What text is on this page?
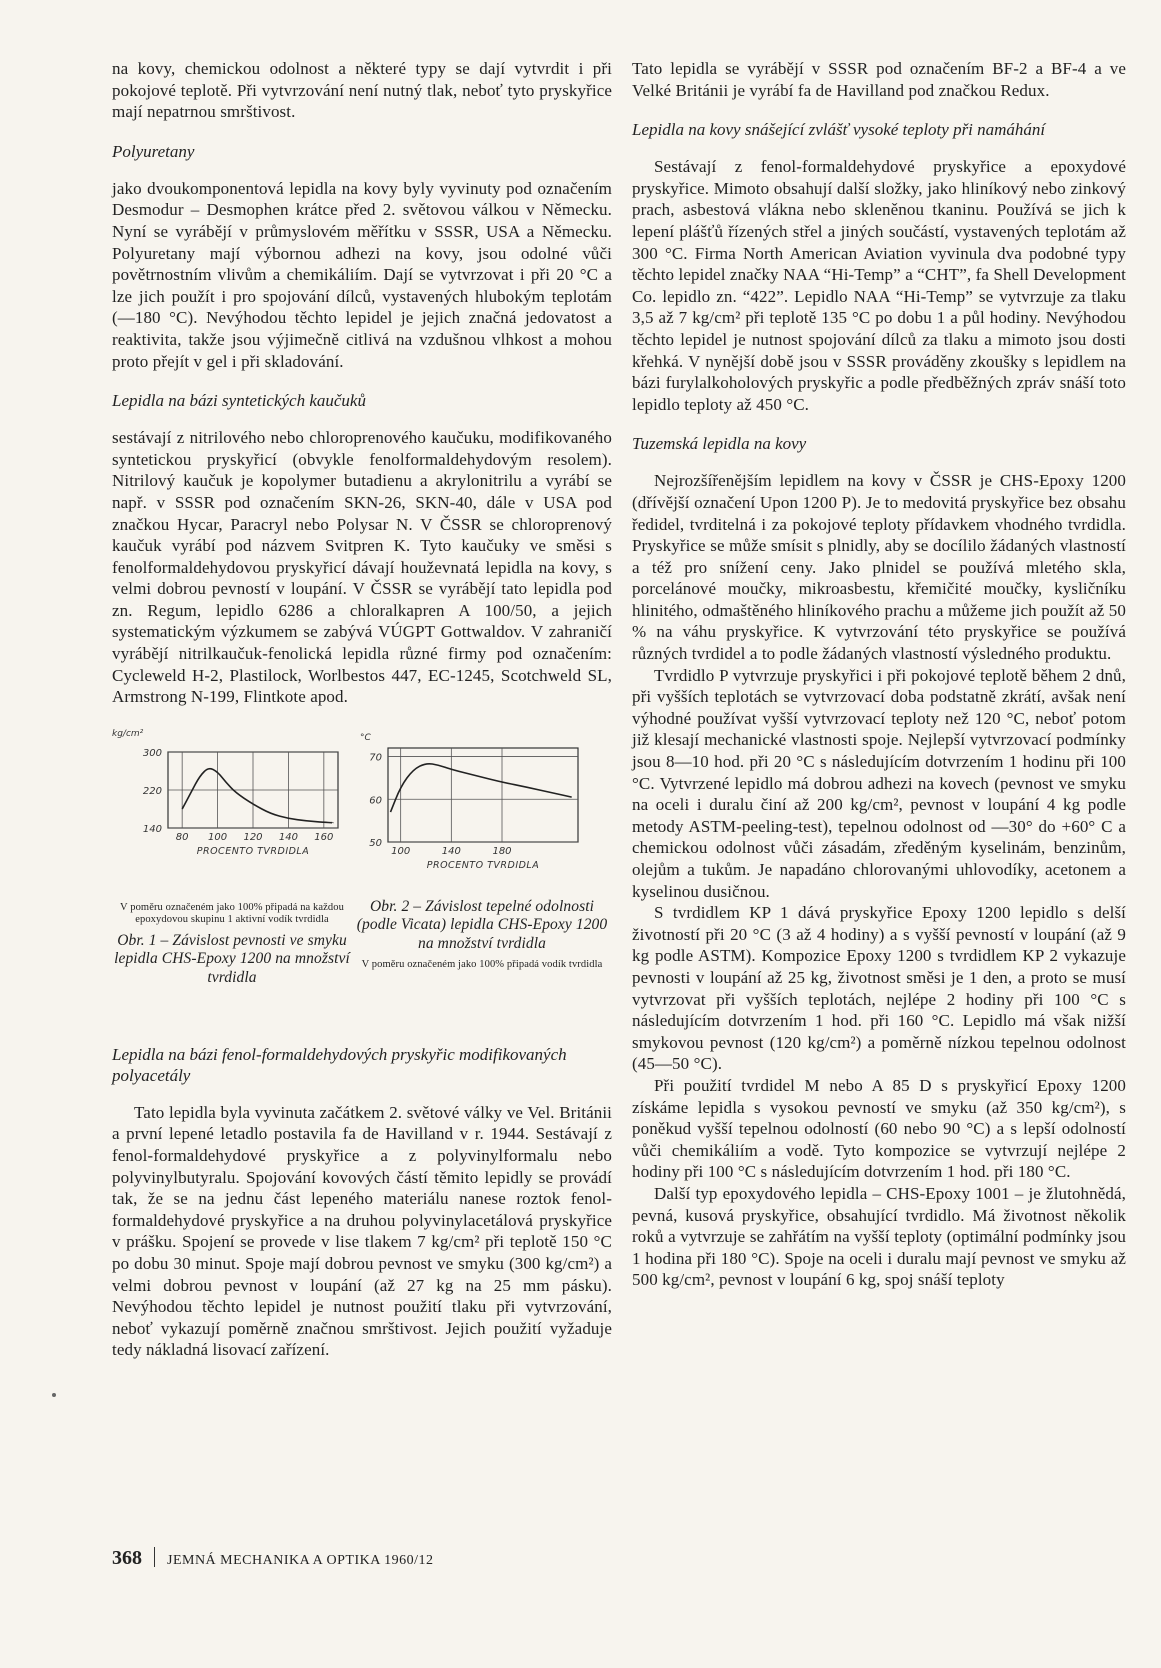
na kovy, chemickou odolnost a některé typy se dají vytvrdit i při pokojové teplotě. Při vytvrzování není nutný tlak, neboť tyto pryskyřice mají nepatrnou smrštivost.

Polyuretany

jako dvoukomponentová lepidla na kovy byly vyvinuty pod označením Desmodur – Desmophen krátce před 2. světovou válkou v Německu. Nyní se vyrábějí v průmyslovém měřítku v SSSR, USA a Německu. Polyuretany mají výbornou adhezi na kovy, jsou odolné vůči povětrnostním vlivům a chemikáliím. Dají se vytvrzovat i při 20 °C a lze jich použít i pro spojování dílců, vystavených hlubokým teplotám (—180 °C). Nevýhodou těchto lepidel je jejich značná jedovatost a reaktivita, takže jsou výjimečně citlivá na vzdušnou vlhkost a mohou proto přejít v gel i při skladování.

Lepidla na bázi syntetických kaučuků

sestávají z nitrilového nebo chloroprenového kaučuku, modifikovaného syntetickou pryskyřicí (obvykle fenolformaldehydovým resolem). Nitrilový kaučuk je kopolymer butadienu a akrylonitrilu a vyrábí se např. v SSSR pod označením SKN-26, SKN-40, dále v USA pod značkou Hycar, Paracryl nebo Polysar N. V ČSSR se chloroprenový kaučuk vyrábí pod názvem Svitpren K. Tyto kaučuky ve směsi s fenolformaldehydovou pryskyřicí dávají houževnatá lepidla na kovy, s velmi dobrou pevností v loupání. V ČSSR se vyrábějí tato lepidla pod zn. Regum, lepidlo 6286 a chloralkapren A 100/50, a jejich systematickým výzkumem se zabývá VÚGPT Gottwaldov. V zahraničí vyrábějí nitrilkaučuk-fenolická lepidla různé firmy pod označením: Cycleweld H-2, Plastilock, Worlbestos 447, EC-1245, Scotchweld SL, Armstrong N-199, Flintkote apod.

80 100 120 140 160
140
220
300
kg/cm²
PROCENTO TVRDIDLA

V poměru označeném jako 100% připadá na každou epoxydovou skupinu 1 aktivní vodík tvrdidla

Obr. 1 – Závislost pevnosti ve smyku lepidla CHS-Epoxy 1200 na množství tvrdidla

100	140	180
50
60
70
°C
PROCENTO TVRDIDLA

Obr. 2 – Závislost tepelné odolnosti (podle Vicata) lepidla CHS-Epoxy 1200 na množství tvrdidla

V poměru označeném jako 100% připadá vodík tvrdidla

Lepidla na bázi fenol-formaldehydových pryskyřic modifikovaných polyacetály

Tato lepidla byla vyvinuta začátkem 2. světové války ve Vel. Británii a první lepené letadlo postavila fa de Havilland v r. 1944. Sestávají z fenol-formaldehydové pryskyřice a z polyvinylformalu nebo polyvinylbutyralu. Spojování kovových částí těmito lepidly se provádí tak, že se na jednu část lepeného materiálu nanese roztok fenol-formaldehydové pryskyřice a na druhou polyvinylacetálová pryskyřice v prášku. Spojení se provede v lise tlakem 7 kg/cm² při teplotě 150 °C po dobu 30 minut. Spoje mají dobrou pevnost ve smyku (300 kg/cm²) a velmi dobrou pevnost v loupání (až 27 kg na 25 mm pásku). Nevýhodou těchto lepidel je nutnost použití tlaku při vytvrzování, neboť vykazují poměrně značnou smrštivost. Jejich použití vyžaduje tedy nákladná lisovací zařízení.

Tato lepidla se vyrábějí v SSSR pod označením BF-2 a BF-4 a ve Velké Británii je vyrábí fa de Havilland pod značkou Redux.

Lepidla na kovy snášející zvlášť vysoké teploty při namáhání

Sestávají z fenol-formaldehydové pryskyřice a epoxydové pryskyřice. Mimoto obsahují další složky, jako hliníkový nebo zinkový prach, asbestová vlákna nebo skleněnou tkaninu. Používá se jich k lepení plášťů řízených střel a jiných součástí, vystavených teplotám až 300 °C. Firma North American Aviation vyvinula dva podobné typy těchto lepidel značky NAA “Hi-Temp” a “CHT”, fa Shell Development Co. lepidlo zn. “422”. Lepidlo NAA “Hi-Temp” se vytvrzuje za tlaku 3,5 až 7 kg/cm² při teplotě 135 °C po dobu 1 a půl hodiny. Nevýhodou těchto lepidel je nutnost spojování dílců za tlaku a mimoto jsou dosti křehká. V nynější době jsou v SSSR prováděny zkoušky s lepidlem na bázi furylalkoholových pryskyřic a podle předběžných zpráv snáší toto lepidlo teploty až 450 °C.

Tuzemská lepidla na kovy

Nejrozšířenějším lepidlem na kovy v ČSSR je CHS-Epoxy 1200 (dřívější označení Upon 1200 P). Je to medovitá pryskyřice bez obsahu ředidel, tvrditelná i za pokojové teploty přídavkem vhodného tvrdidla. Pryskyřice se může smísit s plnidly, aby se docílilo žádaných vlastností a též pro snížení ceny. Jako plnidel se používá mletého skla, porcelánové moučky, mikroasbestu, křemičité moučky, kysličníku hlinitého, odmaštěného hliníkového prachu a můžeme jich použít až 50 % na váhu pryskyřice. K vytvrzování této pryskyřice se používá různých tvrdidel a to podle žádaných vlastností výsledného produktu.

Tvrdidlo P vytvrzuje pryskyřici i při pokojové teplotě během 2 dnů, při vyšších teplotách se vytvrzovací doba podstatně zkrátí, avšak není výhodné používat vyšší vytvrzovací teploty než 120 °C, neboť potom již klesají mechanické vlastnosti spoje. Nejlepší vytvrzovací podmínky jsou 8—10 hod. při 20 °C s následujícím dotvrzením 1 hodinu při 100 °C. Vytvrzené lepidlo má dobrou adhezi na kovech (pevnost ve smyku na oceli i duralu činí až 200 kg/cm², pevnost v loupání 4 kg podle metody ASTM-peeling-test), tepelnou odolnost od —30° do +60° C a chemickou odolnost vůči zásadám, zředěným kyselinám, benzinům, olejům a tukům. Je napadáno chlorovanými uhlovodíky, acetonem a kyselinou dusičnou.

S tvrdidlem KP 1 dává pryskyřice Epoxy 1200 lepidlo s delší životností při 20 °C (3 až 4 hodiny) a s vyšší pevností v loupání (až 9 kg podle ASTM). Kompozice Epoxy 1200 s tvrdidlem KP 2 vykazuje pevnosti v loupání až 25 kg, životnost směsi je 1 den, a proto se musí vytvrzovat při vyšších teplotách, nejlépe 2 hodiny při 100 °C s následujícím dotvrzením 1 hod. při 160 °C. Lepidlo má však nižší smykovou pevnost (120 kg/cm²) a poměrně nízkou tepelnou odolnost (45—50 °C).

Při použití tvrdidel M nebo A 85 D s pryskyřicí Epoxy 1200 získáme lepidla s vysokou pevností ve smyku (až 350 kg/cm²), s poněkud vyšší tepelnou odolností (60 nebo 90 °C) a s lepší odolností vůči chemikáliím a vodě. Tyto kompozice se vytvrzují nejlépe 2 hodiny při 100 °C s následujícím dotvrzením 1 hod. při 180 °C.

Další typ epoxydového lepidla – CHS-Epoxy 1001 – je žlutohnědá, pevná, kusová pryskyřice, obsahující tvrdidlo. Má životnost několik roků a vytvrzuje se zahřátím na vyšší teploty (optimální podmínky jsou 1 hodina při 180 °C). Spoje na oceli i duralu mají pevnost ve smyku až 500 kg/cm², pevnost v loupání 6 kg, spoj snáší teploty

368 JEMNÁ MECHANIKA A OPTIKA 1960/12
